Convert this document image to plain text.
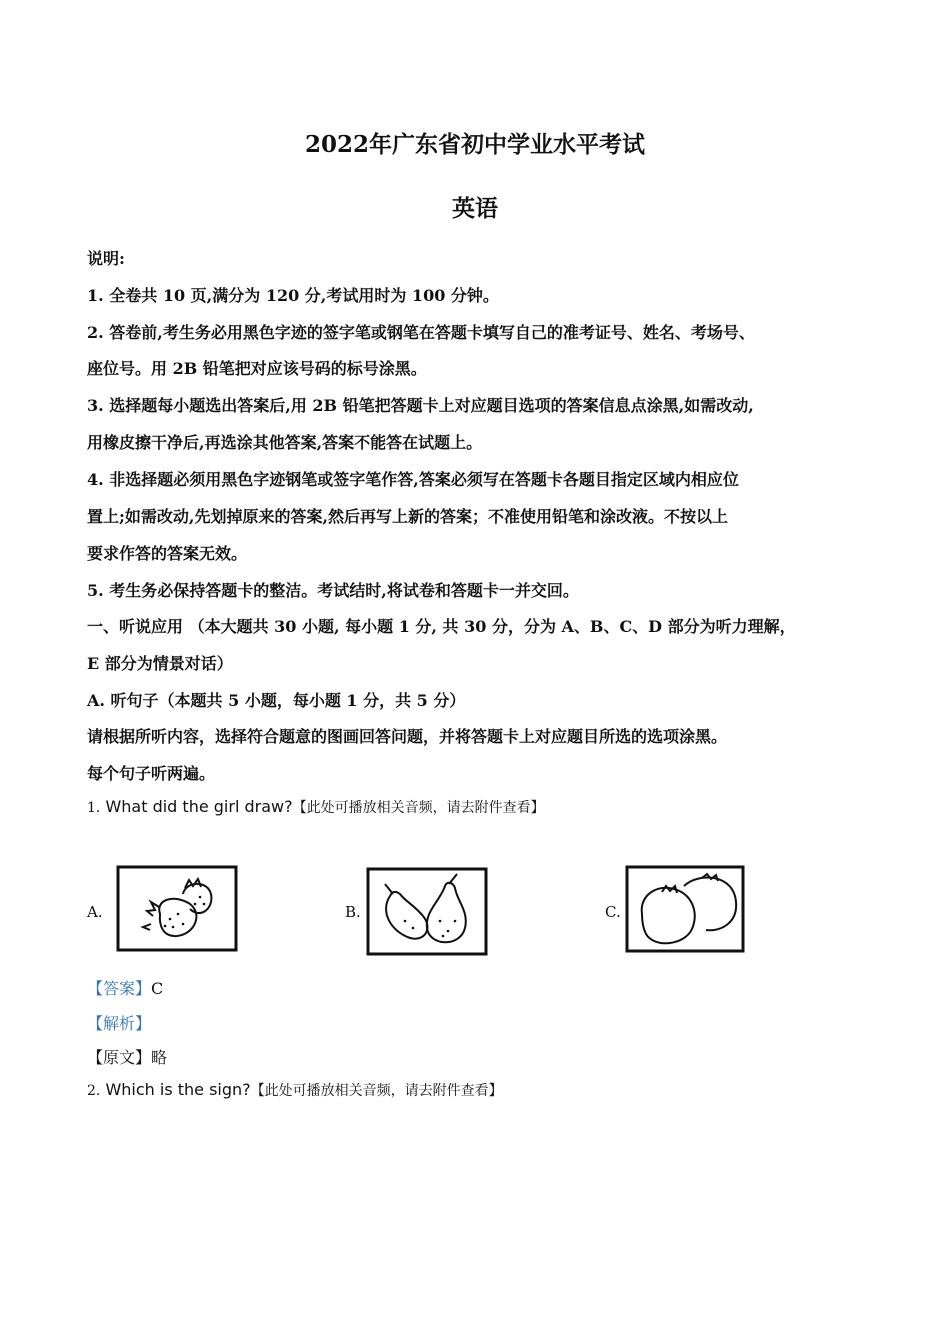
2022年广东省初中学业水平考试
英语
说明:
1. 全卷共 10 页,满分为 120 分,考试用时为 100 分钟。
2. 答卷前,考生务必用黑色字迹的签字笔或钢笔在答题卡填写自己的准考证号、姓名、考场号、
座位号。用 2B 铅笔把对应该号码的标号涂黑。
3. 选择题每小题选出答案后,用 2B 铅笔把答题卡上对应题目选项的答案信息点涂黑,如需改动,
用橡皮擦干净后,再选涂其他答案,答案不能答在试题上。
4. 非选择题必须用黑色字迹钢笔或签字笔作答,答案必须写在答题卡各题目指定区域内相应位
置上;如需改动,先划掉原来的答案,然后再写上新的答案；不准使用铅笔和涂改液。不按以上
要求作答的答案无效。
5. 考生务必保持答题卡的整洁。考试结时,将试卷和答题卡一并交回。
一、听说应用 （本大题共 30 小题, 每小题 1 分, 共 30 分，分为 A、B、C、D 部分为听力理解，
E 部分为情景对话）
A. 听句子（本题共 5 小题，每小题 1 分，共 5 分）
请根据所听内容，选择符合题意的图画回答问题，并将答题卡上对应题目所选的选项涂黑。
每个句子听两遍。
1. What did the girl draw?【此处可播放相关音频，请去附件查看】
A.	B.	C.
【答案】C
【解析】
【原文】略
2. Which is the sign?【此处可播放相关音频，请去附件查看】
